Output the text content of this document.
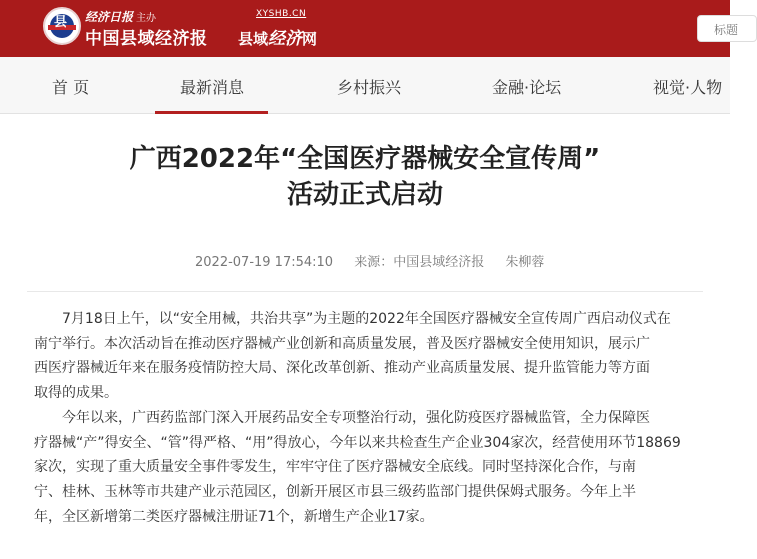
县 经济日报 主办
中国县域经济报
XYSHB.CN
县域经济网	标题
首 页	最新消息	乡村振兴	金融·论坛	视觉·人物
广西2022年“全国医疗器械安全宣传周”
活动正式启动
2022-07-19 17:54:10 来源：中国县域经济报 朱柳蓉

7月18日上午，以“安全用械，共治共享”为主题的2022年全国医疗器械安全宣传周广西启动仪式在
南宁举行。本次活动旨在推动医疗器械产业创新和高质量发展，普及医疗器械安全使用知识，展示广
西医疗器械近年来在服务疫情防控大局、深化改革创新、推动产业高质量发展、提升监管能力等方面
取得的成果。

今年以来，广西药监部门深入开展药品安全专项整治行动，强化防疫医疗器械监管，全力保障医
疗器械“产”得安全、“管”得严格、“用”得放心，今年以来共检查生产企业304家次，经营使用环节18869
家次，实现了重大质量安全事件零发生，牢牢守住了医疗器械安全底线。同时坚持深化合作，与南
宁、桂林、玉林等市共建产业示范园区，创新开展区市县三级药监部门提供保姆式服务。今年上半
年，全区新增第二类医疗器械注册证71个，新增生产企业17家。
